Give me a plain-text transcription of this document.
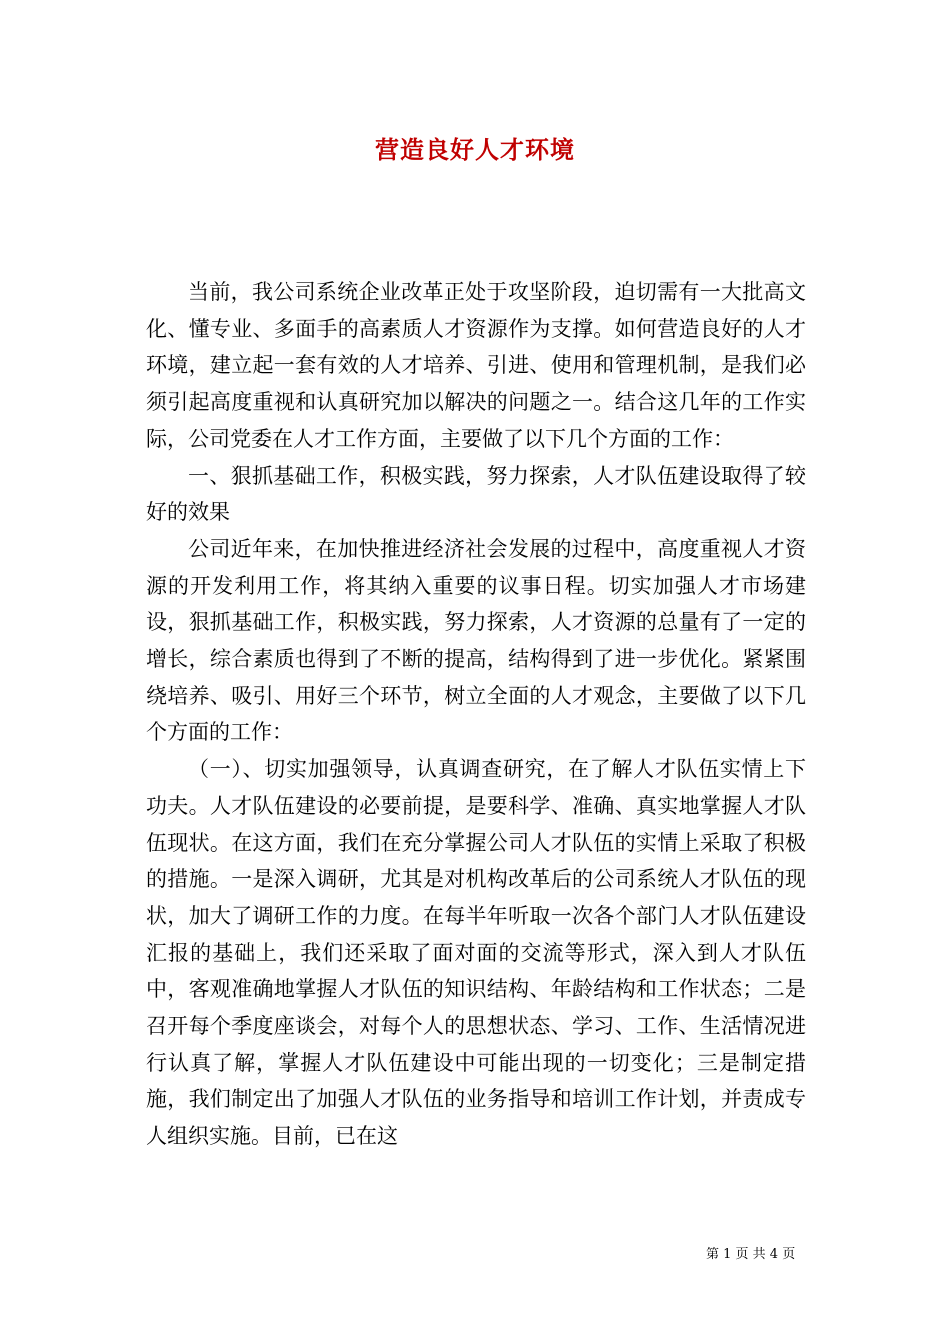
营造良好人才环境

当前，我公司系统企业改革正处于攻坚阶段，迫切需有一大批高文化、懂专业、多面手的高素质人才资源作为支撑。如何营造良好的人才环境，建立起一套有效的人才培养、引进、使用和管理机制，是我们必须引起高度重视和认真研究加以解决的问题之一。结合这几年的工作实际，公司党委在人才工作方面，主要做了以下几个方面的工作：

一、狠抓基础工作，积极实践，努力探索，人才队伍建设取得了较好的效果

公司近年来，在加快推进经济社会发展的过程中，高度重视人才资源的开发利用工作，将其纳入重要的议事日程。切实加强人才市场建设，狠抓基础工作，积极实践，努力探索，人才资源的总量有了一定的增长，综合素质也得到了不断的提高，结构得到了进一步优化。紧紧围绕培养、吸引、用好三个环节，树立全面的人才观念，主要做了以下几个方面的工作：

（一）、切实加强领导，认真调查研究，在了解人才队伍实情上下功夫。人才队伍建设的必要前提，是要科学、准确、真实地掌握人才队伍现状。在这方面，我们在充分掌握公司人才队伍的实情上采取了积极的措施。一是深入调研，尤其是对机构改革后的公司系统人才队伍的现状，加大了调研工作的力度。在每半年听取一次各个部门人才队伍建设汇报的基础上，我们还采取了面对面的交流等形式，深入到人才队伍中，客观准确地掌握人才队伍的知识结构、年龄结构和工作状态；二是召开每个季度座谈会，对每个人的思想状态、学习、工作、生活情况进行认真了解，掌握人才队伍建设中可能出现的一切变化；三是制定措施，我们制定出了加强人才队伍的业务指导和培训工作计划，并责成专人组织实施。目前，已在这

第 1 页 共 4 页
